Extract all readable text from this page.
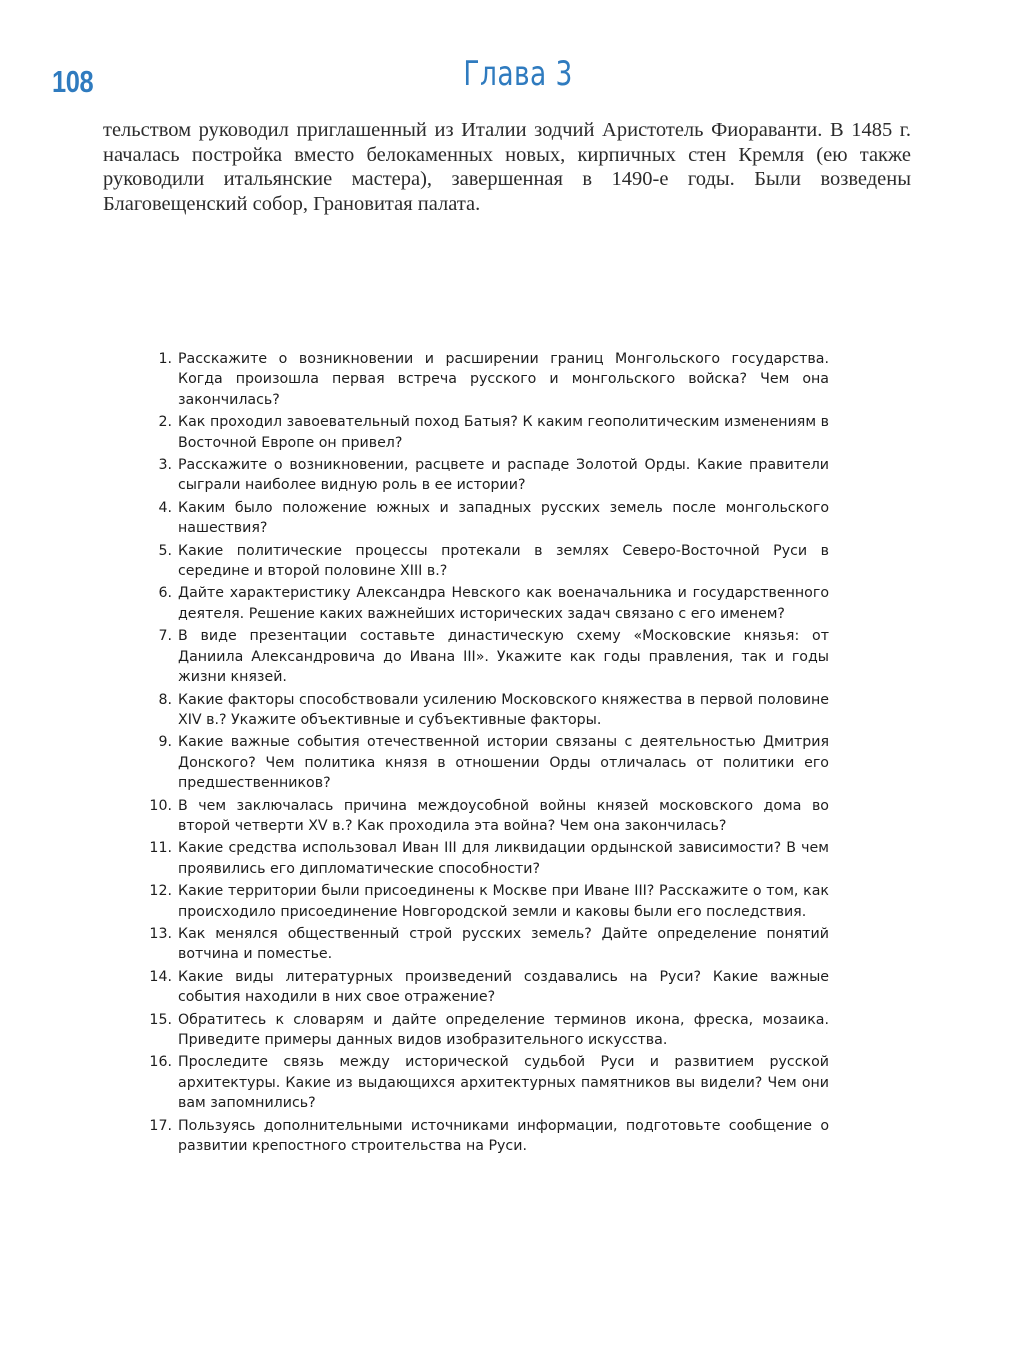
108	Глава 3

тельством руководил приглашенный из Италии зодчий Аристотель Фиораванти. В 1485 г. началась постройка вместо белокаменных новых, кирпичных стен Кремля (ею также руководили итальянские мастера), завершенная в 1490-е годы. Были возведены Благовещенский собор, Грановитая палата.

1. Расскажите о возникновении и расширении границ Монгольского государства. Когда произошла первая встреча русского и монгольского войска? Чем она закончилась?
2. Как проходил завоевательный поход Батыя? К каким геополитическим изменениям в Восточной Европе он привел?
3. Расскажите о возникновении, расцвете и распаде Золотой Орды. Какие правители сыграли наиболее видную роль в ее истории?
4. Каким было положение южных и западных русских земель после монгольского нашествия?
5. Какие политические процессы протекали в землях Северо-Восточной Руси в середине и второй половине XIII в.?
6. Дайте характеристику Александра Невского как военачальника и государственного деятеля. Решение каких важнейших исторических задач связано с его именем?
7. В виде презентации составьте династическую схему «Московские князья: от Даниила Александровича до Ивана III». Укажите как годы правления, так и годы жизни князей.
8. Какие факторы способствовали усилению Московского княжества в первой половине XIV в.? Укажите объективные и субъективные факторы.
9. Какие важные события отечественной истории связаны с деятельностью Дмитрия Донского? Чем политика князя в отношении Орды отличалась от политики его предшественников?
10. В чем заключалась причина междоусобной войны князей московского дома во второй четверти XV в.? Как проходила эта война? Чем она закончилась?
11. Какие средства использовал Иван III для ликвидации ордынской зависимости? В чем проявились его дипломатические способности?
12. Какие территории были присоединены к Москве при Иване III? Расскажите о том, как происходило присоединение Новгородской земли и каковы были его последствия.
13. Как менялся общественный строй русских земель? Дайте определение понятий вотчина и поместье.
14. Какие виды литературных произведений создавались на Руси? Какие важные события находили в них свое отражение?
15. Обратитесь к словарям и дайте определение терминов икона, фреска, мозаика. Приведите примеры данных видов изобразительного искусства.
16. Проследите связь между исторической судьбой Руси и развитием русской архитектуры. Какие из выдающихся архитектурных памятников вы видели? Чем они вам запомнились?
17. Пользуясь дополнительными источниками информации, подготовьте сообщение о развитии крепостного строительства на Руси.
